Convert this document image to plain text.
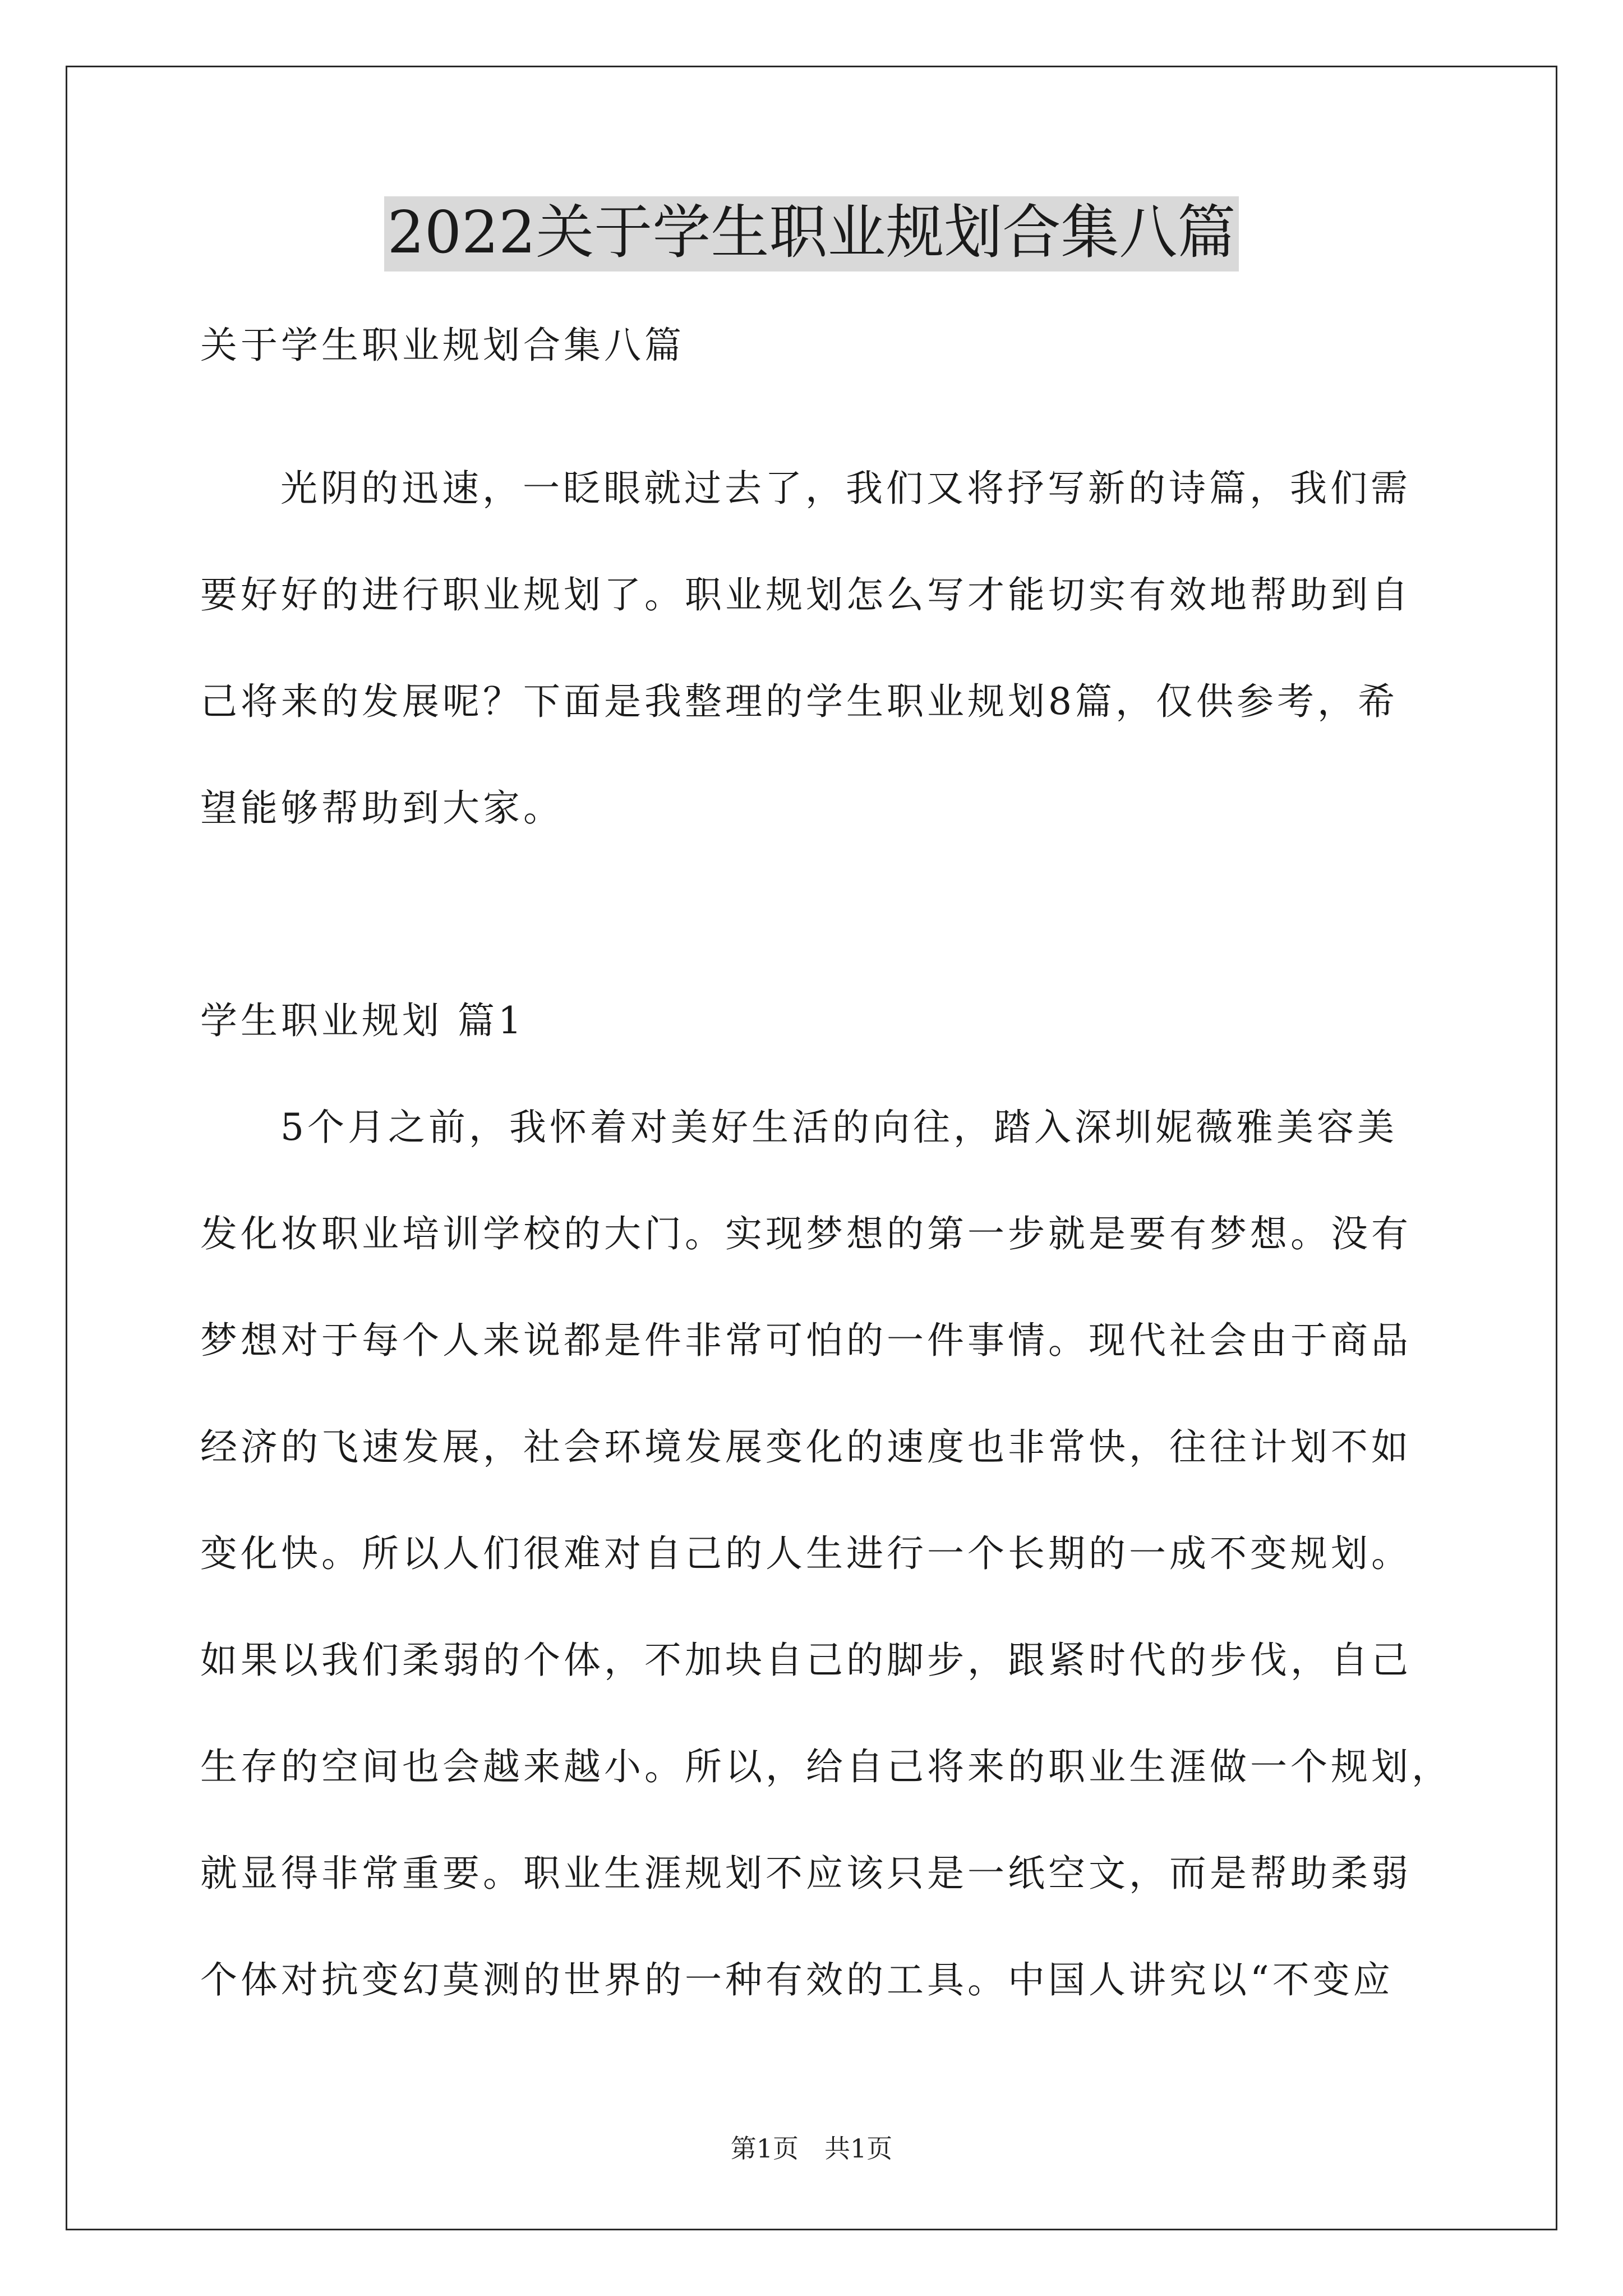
2022关于学生职业规划合集八篇
关于学生职业规划合集八篇
光阴的迅速，一眨眼就过去了，我们又将抒写新的诗篇，我们需
要好好的进行职业规划了。职业规划怎么写才能切实有效地帮助到自
己将来的发展呢？下面是我整理的学生职业规划8篇，仅供参考，希
望能够帮助到大家。
学生职业规划 篇1
5个月之前，我怀着对美好生活的向往，踏入深圳妮薇雅美容美
发化妆职业培训学校的大门。实现梦想的第一步就是要有梦想。没有
梦想对于每个人来说都是件非常可怕的一件事情。现代社会由于商品
经济的飞速发展，社会环境发展变化的速度也非常快，往往计划不如
变化快。所以人们很难对自己的人生进行一个长期的一成不变规划。
如果以我们柔弱的个体，不加块自己的脚步，跟紧时代的步伐，自己
生存的空间也会越来越小。所以，给自己将来的职业生涯做一个规划，
就显得非常重要。职业生涯规划不应该只是一纸空文，而是帮助柔弱
个体对抗变幻莫测的世界的一种有效的工具。中国人讲究以“不变应
第1页　共1页
